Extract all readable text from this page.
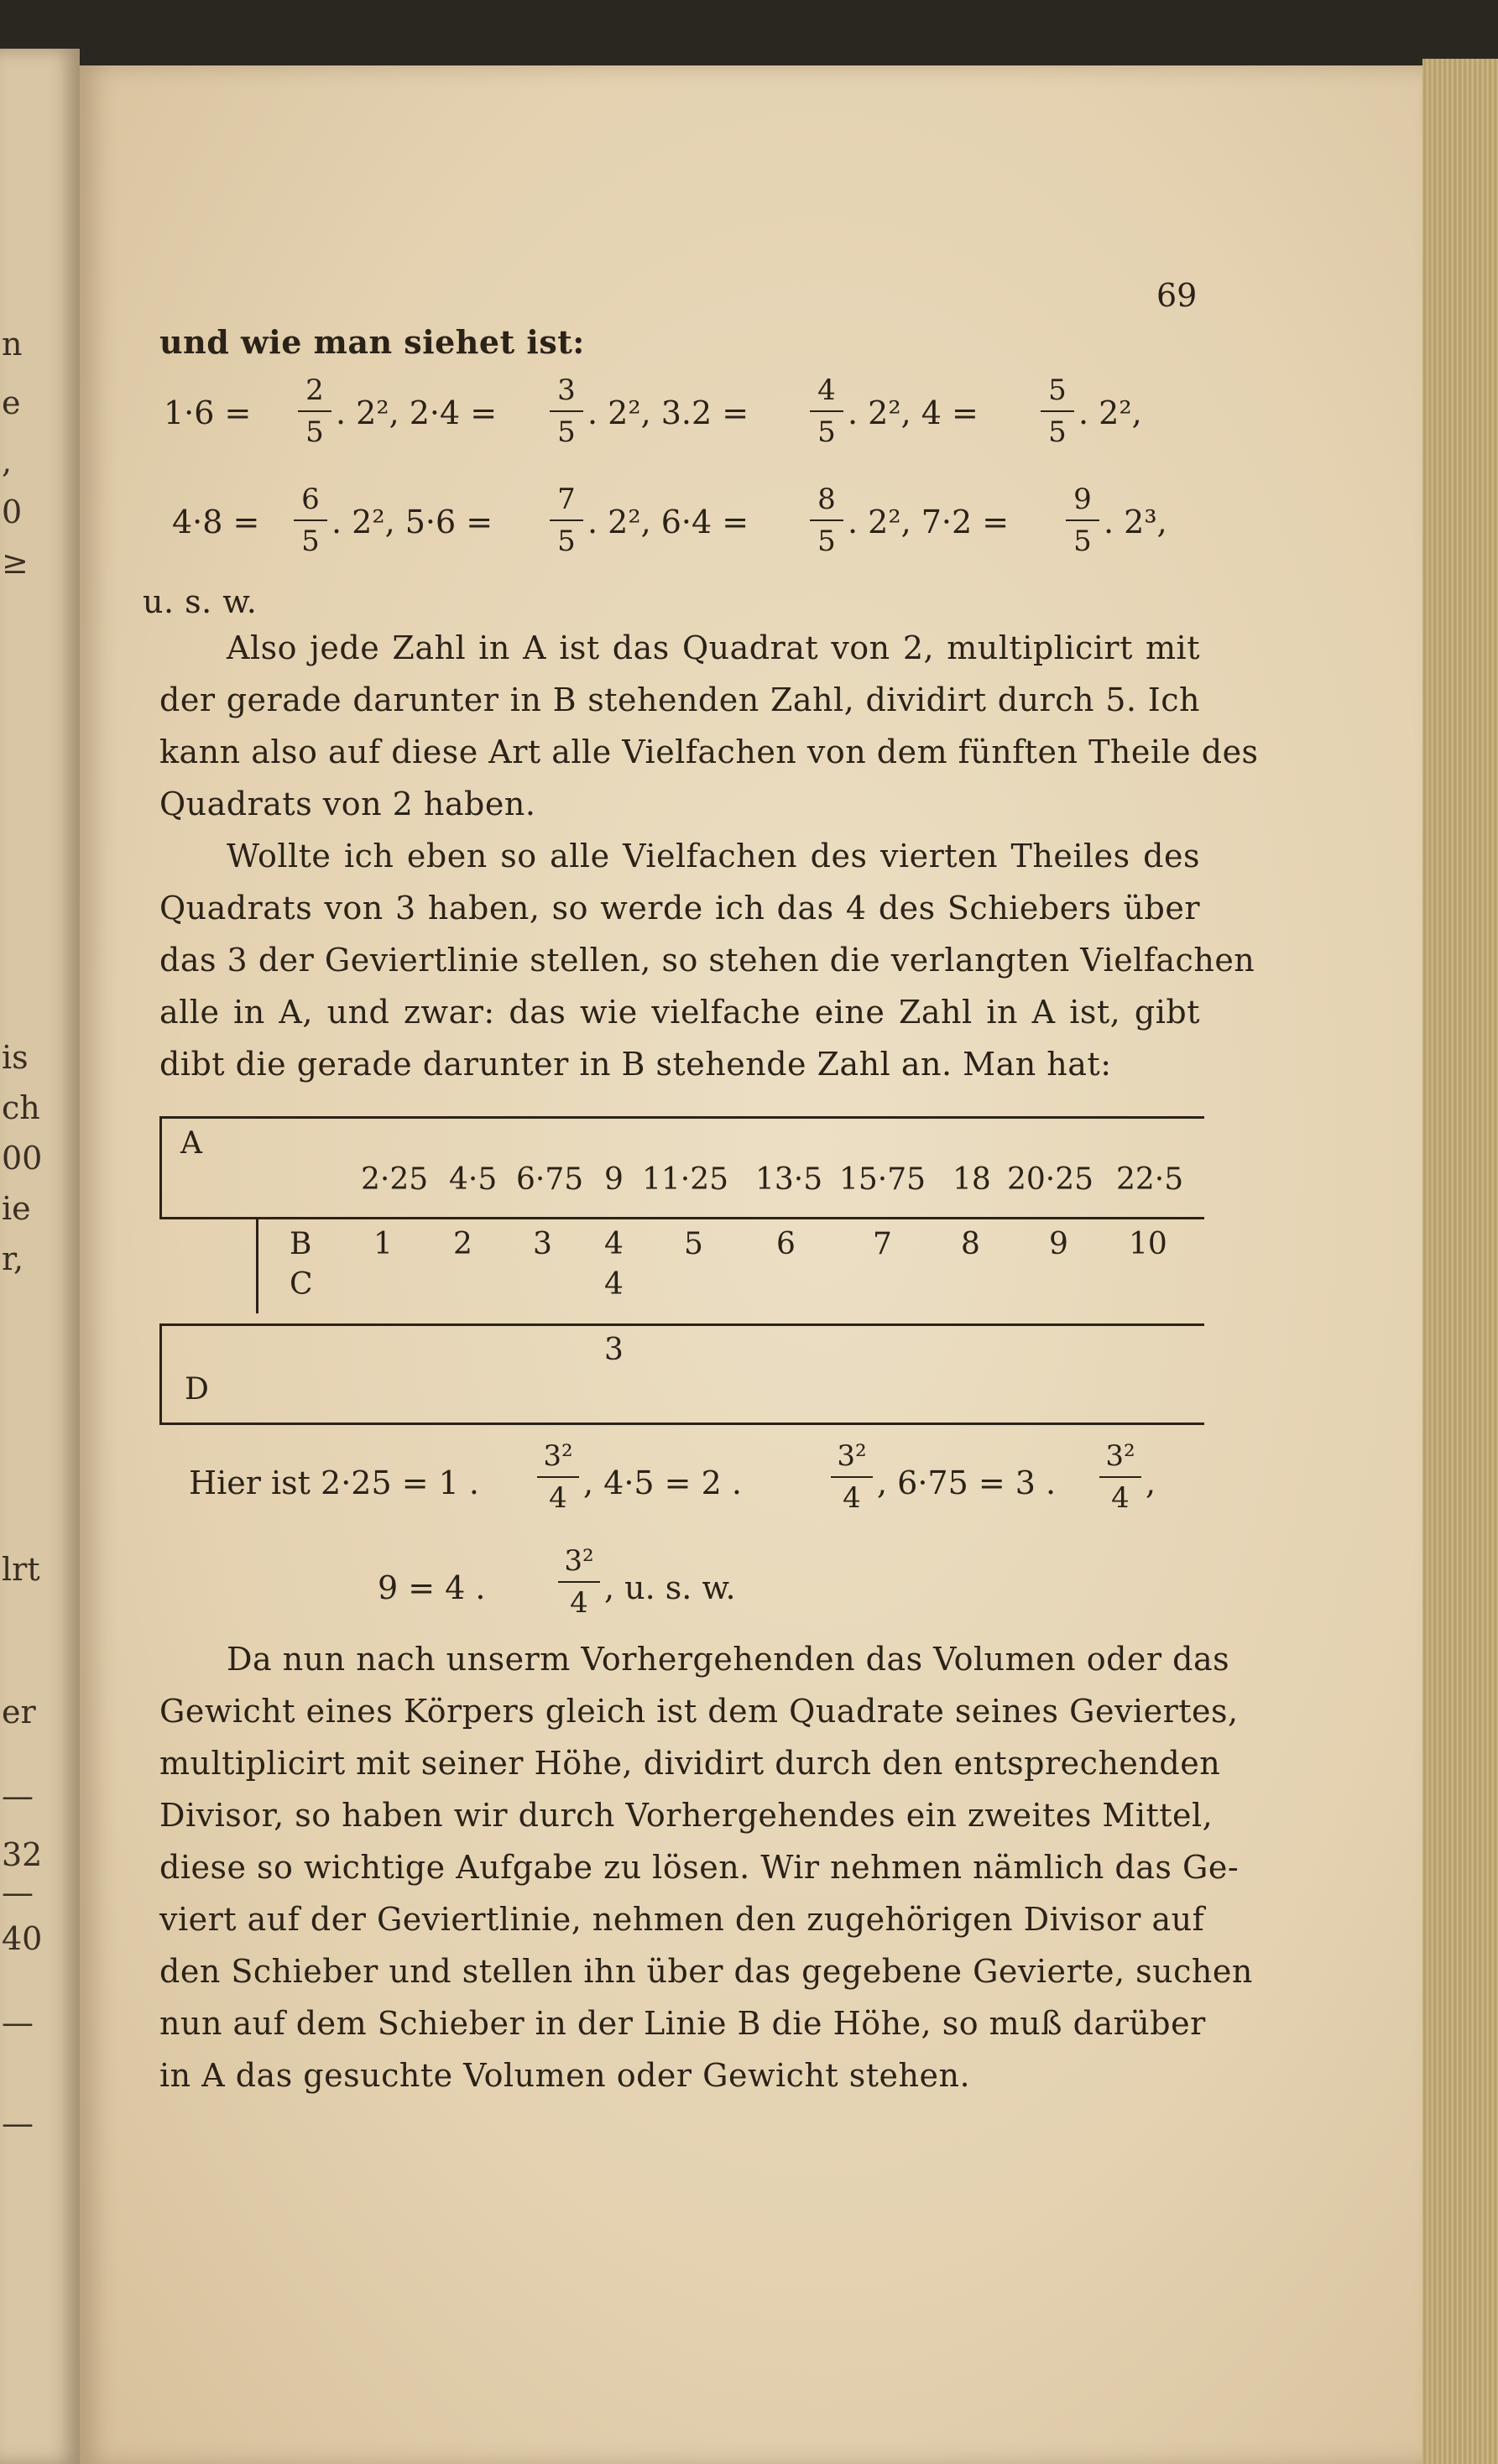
n
e
,
0
≥
is
ch
00
ie
r,
lrt
er
—
32
—
40
—
—
69
und wie man siehet ist:
1·6 =
2
5
. 2², 2·4 =
3
5
. 2², 3.2 =
4
5
. 2², 4 =
5
5
. 2²,
4·8 =
6
5
. 2², 5·6 =
7
5
. 2², 6·4 =
8
5
. 2², 7·2 =
9
5
. 2³,
u. s. w.
Also jede Zahl in A ist das Quadrat von 2, multiplicirt mit
der gerade darunter in B stehenden Zahl, dividirt durch 5. Ich
kann also auf diese Art alle Vielfachen von dem fünften Theile des
Quadrats von 2 haben.
Wollte ich eben so alle Vielfachen des vierten Theiles des
Quadrats von 3 haben, so werde ich das 4 des Schiebers über
das 3 der Geviertlinie stellen, so stehen die verlangten Vielfachen
alle in A, und zwar: das wie vielfache eine Zahl in A ist, gibt
dibt die gerade darunter in B stehende Zahl an. Man hat:
A
2·25 4·5 6·75 9 11·25 13·5 15·75 18 20·25 22·5
B 1 2 3 4 5 6	7 8 9 10
C	4
3
D
Hier ist 2·25 = 1 .
3²
4 , 4·5 = 2 .
3²
4 , 6·75 = 3 .
3²
4 ,
9 = 4 .
3²
4 , u. s. w.
Da nun nach unserm Vorhergehenden das Volumen oder das
Gewicht eines Körpers gleich ist dem Quadrate seines Geviertes,
multiplicirt mit seiner Höhe, dividirt durch den entsprechenden
Divisor, so haben wir durch Vorhergehendes ein zweites Mittel,
diese so wichtige Aufgabe zu lösen. Wir nehmen nämlich das Ge-
viert auf der Geviertlinie, nehmen den zugehörigen Divisor auf
den Schieber und stellen ihn über das gegebene Gevierte, suchen
nun auf dem Schieber in der Linie B die Höhe, so muß darüber
in A das gesuchte Volumen oder Gewicht stehen.
